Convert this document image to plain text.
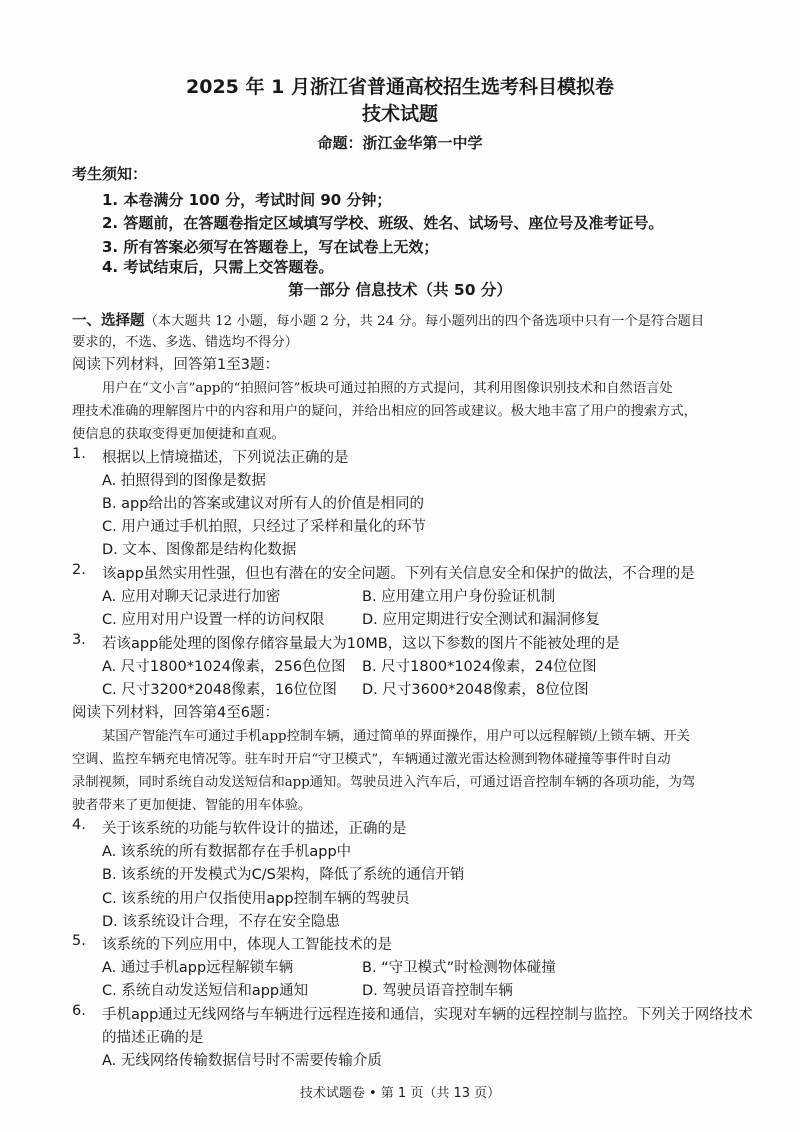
2025 年 1 月浙江省普通高校招生选考科目模拟卷
技术试题
命题：浙江金华第一中学
考生须知：
1. 本卷满分 100 分，考试时间 90 分钟；
2. 答题前，在答题卷指定区域填写学校、班级、姓名、试场号、座位号及准考证号。
3. 所有答案必须写在答题卷上，写在试卷上无效；
4. 考试结束后，只需上交答题卷。
第一部分 信息技术（共 50 分）
一、选择题（本大题共 12 小题，每小题 2 分，共 24 分。每小题列出的四个备选项中只有一个是符合题目
要求的，不选、多选、错选均不得分）
阅读下列材料，回答第1至3题：
用户在“文小言”app的“拍照问答”板块可通过拍照的方式提问，其利用图像识别技术和自然语言处
理技术准确的理解图片中的内容和用户的疑问，并给出相应的回答或建议。极大地丰富了用户的搜索方式，
使信息的获取变得更加便捷和直观。
1. 根据以上情境描述，下列说法正确的是
A. 拍照得到的图像是数据
B. app给出的答案或建议对所有人的价值是相同的
C. 用户通过手机拍照，只经过了采样和量化的环节
D. 文本、图像都是结构化数据
2. 该app虽然实用性强，但也有潜在的安全问题。下列有关信息安全和保护的做法，不合理的是
A. 应用对聊天记录进行加密	B. 应用建立用户身份验证机制
C. 应用对用户设置一样的访问权限	D. 应用定期进行安全测试和漏洞修复
3. 若该app能处理的图像存储容量最大为10MB，这以下参数的图片不能被处理的是
A. 尺寸1800*1024像素，256色位图 B. 尺寸1800*1024像素，24位位图
C. 尺寸3200*2048像素，16位位图 D. 尺寸3600*2048像素，8位位图
阅读下列材料，回答第4至6题：
某国产智能汽车可通过手机app控制车辆，通过简单的界面操作，用户可以远程解锁/上锁车辆、开关
空调、监控车辆充电情况等。驻车时开启“守卫模式”，车辆通过激光雷达检测到物体碰撞等事件时自动
录制视频，同时系统自动发送短信和app通知。驾驶员进入汽车后，可通过语音控制车辆的各项功能，为驾
驶者带来了更加便捷、智能的用车体验。
4. 关于该系统的功能与软件设计的描述，正确的是
A. 该系统的所有数据都存在手机app中
B. 该系统的开发模式为C/S架构，降低了系统的通信开销
C. 该系统的用户仅指使用app控制车辆的驾驶员
D. 该系统设计合理，不存在安全隐患
5. 该系统的下列应用中，体现人工智能技术的是
A. 通过手机app远程解锁车辆	B. “守卫模式”时检测物体碰撞
C. 系统自动发送短信和app通知	D. 驾驶员语音控制车辆
6. 手机app通过无线网络与车辆进行远程连接和通信，实现对车辆的远程控制与监控。下列关于网络技术
的描述正确的是
A. 无线网络传输数据信号时不需要传输介质
技术试题卷 • 第 1 页（共 13 页）
